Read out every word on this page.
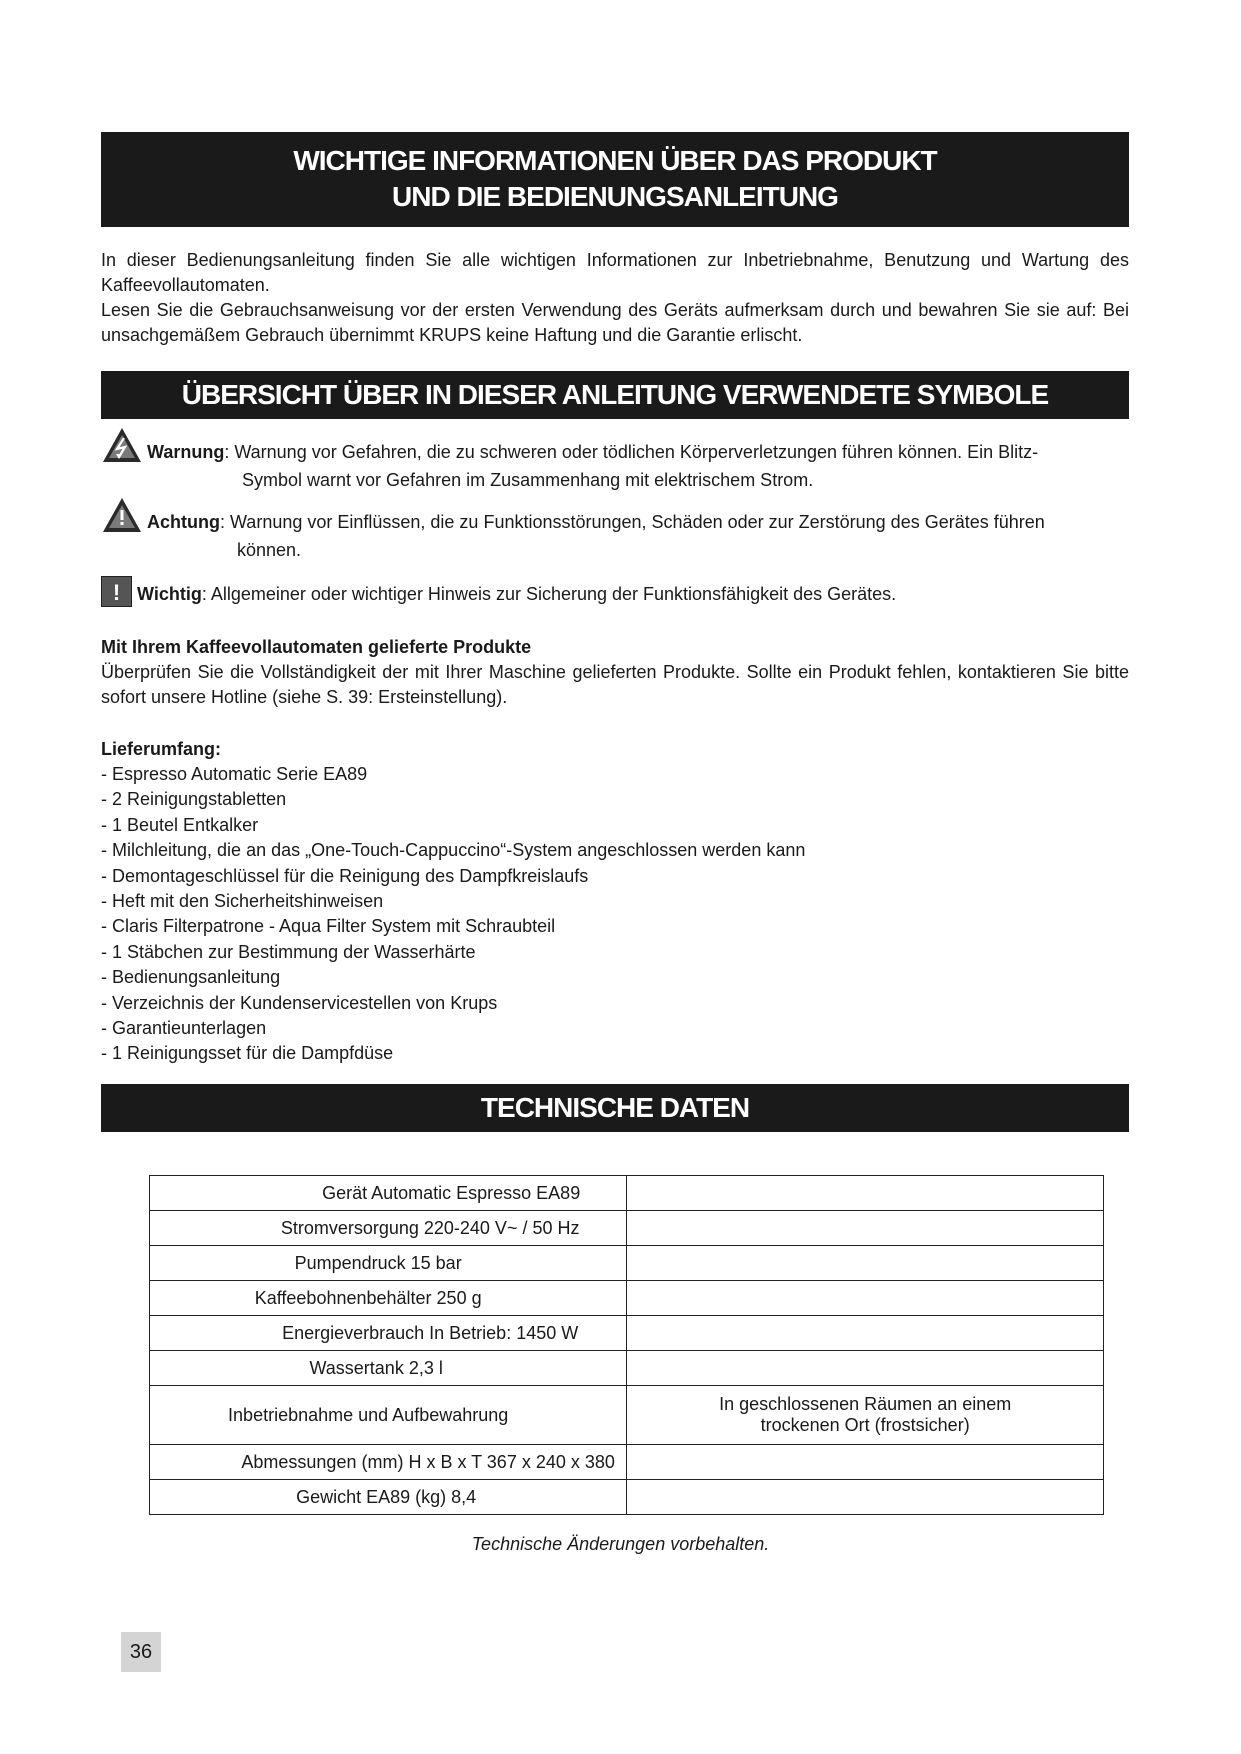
WICHTIGE INFORMATIONEN ÜBER DAS PRODUKT
UND DIE BEDIENUNGSANLEITUNG
In dieser Bedienungsanleitung finden Sie alle wichtigen Informationen zur Inbetriebnahme, Benutzung und Wartung des Kaffeevollautomaten.
Lesen Sie die Gebrauchsanweisung vor der ersten Verwendung des Geräts aufmerksam durch und bewahren Sie sie auf: Bei unsachgemäßem Gebrauch übernimmt KRUPS keine Haftung und die Garantie erlischt.
ÜBERSICHT ÜBER IN DIESER ANLEITUNG VERWENDETE SYMBOLE
Warnung: Warnung vor Gefahren, die zu schweren oder tödlichen Körperverletzungen führen können. Ein Blitz-
Symbol warnt vor Gefahren im Zusammenhang mit elektrischem Strom.
Achtung: Warnung vor Einflüssen, die zu Funktionsstörungen, Schäden oder zur Zerstörung des Gerätes führen
können.
! Wichtig: Allgemeiner oder wichtiger Hinweis zur Sicherung der Funktionsfähigkeit des Gerätes.
Mit Ihrem Kaffeevollautomaten gelieferte Produkte
Überprüfen Sie die Vollständigkeit der mit Ihrer Maschine gelieferten Produkte. Sollte ein Produkt fehlen, kontaktieren Sie bitte sofort unsere Hotline (siehe S. 39: Ersteinstellung).
Lieferumfang:
- Espresso Automatic Serie EA89
- 2 Reinigungstabletten
- 1 Beutel Entkalker
- Milchleitung, die an das „One-Touch-Cappuccino“-System angeschlossen werden kann
- Demontageschlüssel für die Reinigung des Dampfkreislaufs
- Heft mit den Sicherheitshinweisen
- Claris Filterpatrone - Aqua Filter System mit Schraubteil
- 1 Stäbchen zur Bestimmung der Wasserhärte
- Bedienungsanleitung
- Verzeichnis der Kundenservicestellen von Krups
- Garantieunterlagen
- 1 Reinigungsset für die Dampfdüse
TECHNISCHE DATEN
Gerät Automatic Espresso EA89	
Stromversorgung 220-240 V~ / 50 Hz	
Pumpendruck 15 bar	
Kaffeebohnenbehälter 250 g	
Energieverbrauch In Betrieb: 1450 W	
Wassertank 2,3 l	
Inbetriebnahme und Aufbewahrung	In geschlossenen Räumen an einem
trockenen Ort (frostsicher)

Abmessungen (mm) H x B x T 367 x 240 x 380	
Gewicht EA89 (kg) 8,4	
Technische Änderungen vorbehalten.
36
